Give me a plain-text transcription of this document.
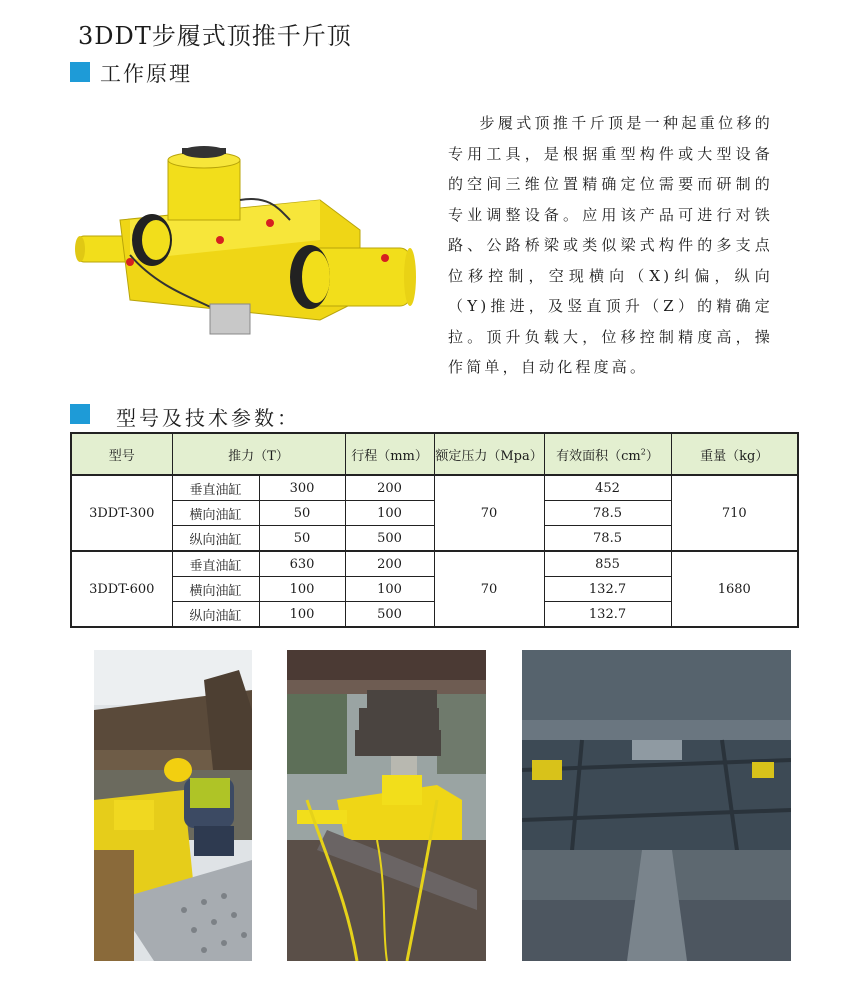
3DDT步履式顶推千斤顶
工作原理

步履式顶推千斤顶是一种起重位移的专用工具，是根据重型构件或大型设备的空间三维位置精确定位需要而研制的专业调整设备。应用该产品可进行对铁路、公路桥梁或类似梁式构件的多支点位移控制，空现横向（X)纠偏，纵向（Y)推进，及竖直顶升（Z）的精确定拉。顶升负载大，位移控制精度高，操作简单，自动化程度高。

型号及技术参数：
型号	推力（T）		行程（mm）	额定压力（Mpa）	有效面积$(cm^2)$	重量（kg）
3DDT-300	垂直油缸	300	200	70	452	710
	横向油缸	50	100		78.5	
	纵向油缸	50	500		78.5	
3DDT-600	垂直油缸	630	200	70	855	1680
	横向油缸	100	100		132.7	
	纵向油缸	100	500		132.7	
